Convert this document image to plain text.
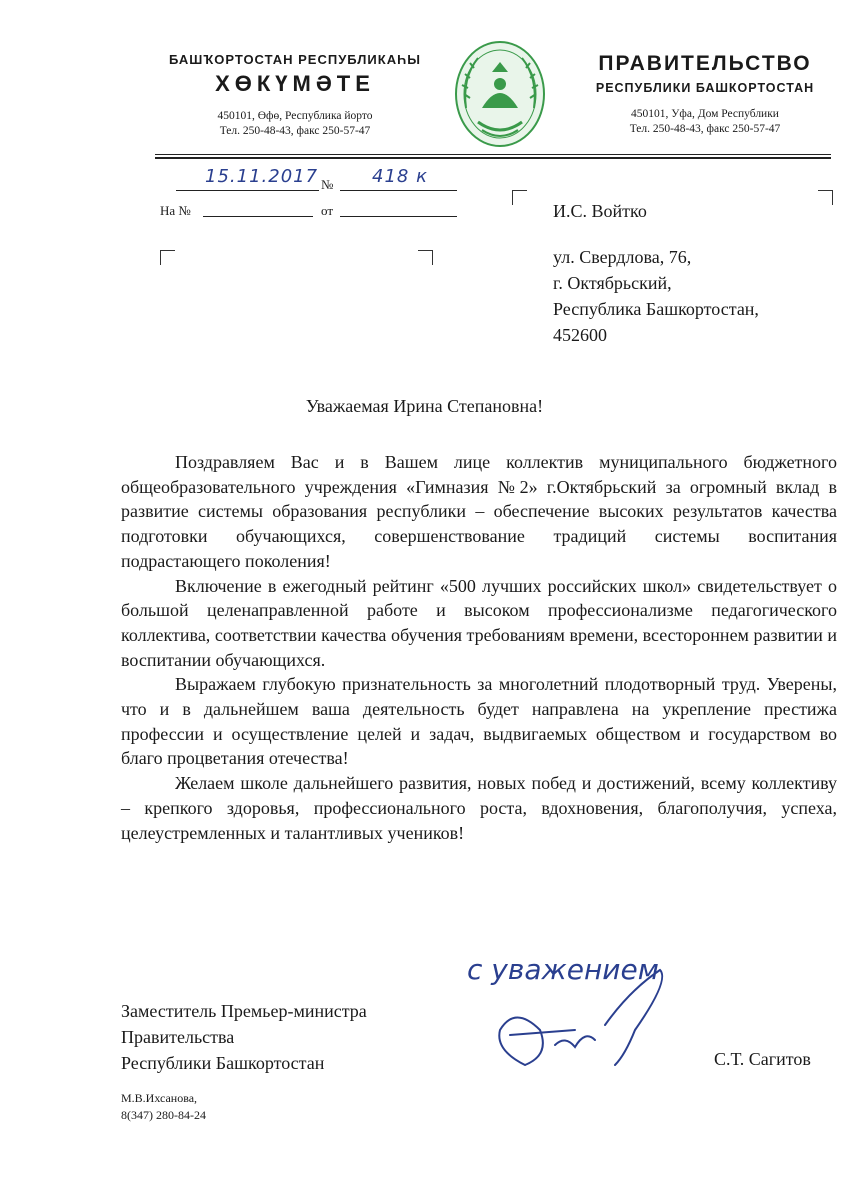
БАШҠОРТОСТАН РЕСПУБЛИКАҺЫ
ХӨКҮМӘТЕ
450101, Өфө, Республика йорто
Тел. 250-48-43, факс 250-57-47
ПРАВИТЕЛЬСТВО
РЕСПУБЛИКИ БАШКОРТОСТАН
450101, Уфа, Дом Республики
Тел. 250-48-43, факс 250-57-47
15.11.2017 № 418 к
На №	от	И.С. Войтко
ул. Свердлова, 76,
г. Октябрьский,
Республика Башкортостан,
452600
Уважаемая Ирина Степановна!

Поздравляем Вас и в Вашем лице коллектив муниципального бюджетного общеобразовательного учреждения «Гимназия №2» г.Октябрьский за огромный вклад в развитие системы образования республики – обеспечение высоких результатов качества подготовки обучающихся, совершенствование традиций системы воспитания подрастающего поколения!

Включение в ежегодный рейтинг «500 лучших российских школ» свидетельствует о большой целенаправленной работе и высоком профессионализме педагогического коллектива, соответствии качества обучения требованиям времени, всестороннем развитии и воспитании обучающихся.

Выражаем глубокую признательность за многолетний плодотворный труд. Уверены, что и в дальнейшем ваша деятельность будет направлена на укрепление престижа профессии и осуществление целей и задач, выдвигаемых обществом и государством во благо процветания отечества!

Желаем школе дальнейшего развития, новых побед и достижений, всему коллективу – крепкого здоровья, профессионального роста, вдохновения, благополучия, успеха, целеустремленных и талантливых учеников!

с уважением
Заместитель Премьер-министра
Правительства
Республики Башкортостан	С.Т. Сагитов
М.В.Ихсанова,
8(347) 280-84-24
